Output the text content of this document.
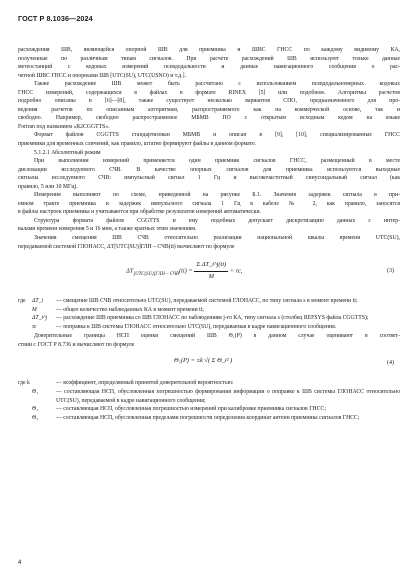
ГОСТ Р 8.1036—2024

расхождения ШВ, являющейся опорной ШВ для приемника и ШВС ГНСС по каждому видимому КА,
полученные по различным типам сигналов. При расчете расхождений ШВ используют только данные
метеостанций с кодовых измерений псевдодальности и данные навигационного сообщения о рас-
четной ШВС ГНСС и опорными ШВ [UTC(SU), UTC(USNO) и т.д.].

Также расхождение ШВ может быть рассчитано с использованием псевдодальномерных кодовых
ГНСС измерений, содержащихся в файлах в формате RINEX [5] или подобном. Алгоритмы расчетов
подробно описаны в [6]—[8], также существует несколько вариантов СПО, предназначенного для про-
ведения расчетов по описанным алгоритмам, распространяемого как на коммерческой основе, так и
свободно. Например, свободно распространяемое МБМВ ПО с открытым исходным кодом на языке
Fortran под названием «R2CGGTTS».

Формат файлов CGGTTS стандартизован МБМВ и описан в [9], [10], специализированные ГНСС
приемники для временных сличений, как правило, штатно формируют файлы в данном формате.

5.1.2.1 Абсолютный режим

При выполнении измерений применяется один приемник сигналов ГНСС, размещенный в месте
дислокации исследуемого СЧВ. В качестве опорных сигналов для приемника используются выходные
сигналы исследуемого СЧВ: импульсный сигнал 1 Гц и высокочастотный синусоидальный сигнал (как
правило, 5 или 10 МГц).

Измерения выполняют по схеме, приведенной на рисунке Б.1. Значения задержек сигнала в при-
емном тракте приемника и задержек импульсного сигнала 1 Гц в кабеле № 2, как правило, заносятся
в файлы настроек приемника и учитываются при обработке результатов измерений автоматически.

Структура формата файлов CGGTTS и ему подобных допускает дискретизацию данных с интер-
валами времени измерения 5 и 16 мин, а также кратных этим значениям.

Значения смещения ШВ СЧВ относительно реализации национальной шкалы времени UTC(SU),
передаваемой системой ГЛОНАСС, ΔT[UTC(SU)]ГЛН – СЧВ(ti) вычисляют по формуле

$\Delta T_{[UTC(SU)]ГЛН - СЧВ}(ti) = \frac{\text{Σ ΔT\_i\textasciicircum{}j(ti)}}{M} + \tau c$,	(3)
где	ΔT_i	— смещение ШВ СЧВ относительно UTC(SU), передаваемой системой ГЛОНАСС, по типу сигнала s в момент времени ti;
M	— общее количество наблюдаемых КА в момент времени ti;
ΔT_i^j	— расхождение ШВ приемника со ШВ ГЛОНАСС по наблюдениям j-го КА, типу сигнала s (столбец REFSYS файла CGGTTS);
τc	— поправка к ШВ системы ГЛОНАСС относительно UTC(SU), передаваемая в кадре навигационного сообщения.

Доверительные границы НСП оценки смещений ШВ Θ₁(P) в данном случае оценивают в соответ-
ствии с ГОСТ Р 8.736 и вычисляют по формуле

Θ₁(P) = ±k √( Σ Θ_i² )	(4)
где k	— коэффициент, определяемый принятой доверительной вероятностью:
Θ₁	— составляющая НСП, обусловленная погрешностью формирования информации о поправке к ШВ системы ГЛОНАСС относительно UTC(SU), передаваемой в кадре навигационного сообщения;
Θ₂	— составляющая НСП, обусловленная погрешностью измерений при калибровке приемника сигналов ГНСС;
Θ₃	— составляющая НСП, обусловленная пределами погрешности определения координат антенн приемника сигналов ГНСС;
4
